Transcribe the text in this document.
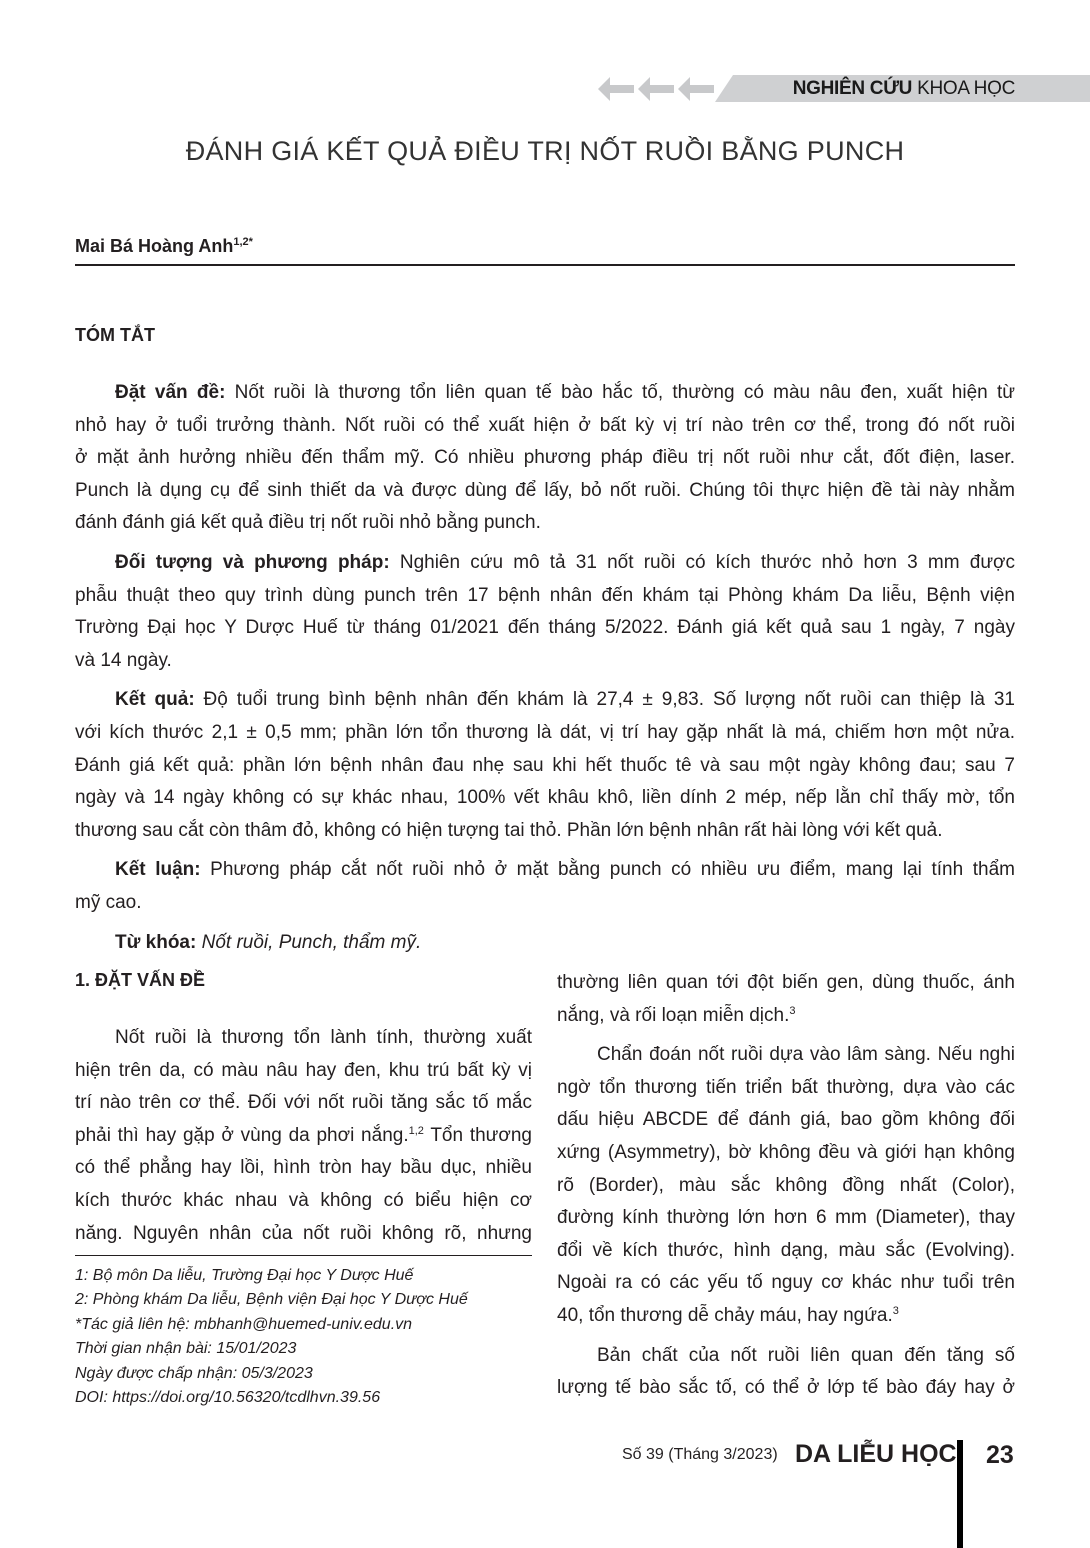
NGHIÊN CỨU KHOA HỌC
ĐÁNH GIÁ KẾT QUẢ ĐIỀU TRỊ NỐT RUỒI BẰNG PUNCH
Mai Bá Hoàng Anh$^{1,2*}$
TÓM TẮT
Đặt vấn đề: Nốt ruồi là thương tổn liên quan tế bào hắc tố, thường có màu nâu đen, xuất hiện từ
nhỏ hay ở tuổi trưởng thành. Nốt ruồi có thể xuất hiện ở bất kỳ vị trí nào trên cơ thể, trong đó nốt ruồi
ở mặt ảnh hưởng nhiều đến thẩm mỹ. Có nhiều phương pháp điều trị nốt ruồi như cắt, đốt điện, laser.
Punch là dụng cụ để sinh thiết da và được dùng để lấy, bỏ nốt ruồi. Chúng tôi thực hiện đề tài này nhằm
đánh đánh giá kết quả điều trị nốt ruồi nhỏ bằng punch.
Đối tượng và phương pháp: Nghiên cứu mô tả 31 nốt ruồi có kích thước nhỏ hơn 3 mm được
phẫu thuật theo quy trình dùng punch trên 17 bệnh nhân đến khám tại Phòng khám Da liễu, Bệnh viện
Trường Đại học Y Dược Huế từ tháng 01/2021 đến tháng 5/2022. Đánh giá kết quả sau 1 ngày, 7 ngày
và 14 ngày.
Kết quả: Độ tuổi trung bình bệnh nhân đến khám là 27,4 ± 9,83. Số lượng nốt ruồi can thiệp là 31
với kích thước 2,1 ± 0,5 mm; phần lớn tổn thương là dát, vị trí hay gặp nhất là má, chiếm hơn một nửa.
Đánh giá kết quả: phần lớn bệnh nhân đau nhẹ sau khi hết thuốc tê và sau một ngày không đau; sau 7
ngày và 14 ngày không có sự khác nhau, 100% vết khâu khô, liền dính 2 mép, nếp lằn chỉ thấy mờ, tổn
thương sau cắt còn thâm đỏ, không có hiện tượng tai thỏ. Phần lớn bệnh nhân rất hài lòng với kết quả.
Kết luận: Phương pháp cắt nốt ruồi nhỏ ở mặt bằng punch có nhiều ưu điểm, mang lại tính thẩm
mỹ cao.
Từ khóa: Nốt ruồi, Punch, thẩm mỹ.
1. ĐẶT VẤN ĐỀ
Nốt ruồi là thương tổn lành tính, thường xuất
hiện trên da, có màu nâu hay đen, khu trú bất kỳ vị
trí nào trên cơ thể. Đối với nốt ruồi tăng sắc tố mắc
phải thì hay gặp ở vùng da phơi nắng.$^{1,2}$ Tổn thương
có thể phẳng hay lồi, hình tròn hay bầu dục, nhiều
kích thước khác nhau và không có biểu hiện cơ
năng. Nguyên nhân của nốt ruồi không rõ, nhưng
1: Bộ môn Da liễu, Trường Đại học Y Dược Huế
2: Phòng khám Da liễu, Bệnh viện Đại học Y Dược Huế
*Tác giả liên hệ: mbhanh@huemed-univ.edu.vn
Thời gian nhận bài: 15/01/2023
Ngày được chấp nhận: 05/3/2023
DOI: https://doi.org/10.56320/tcdlhvn.39.56
thường liên quan tới đột biến gen, dùng thuốc, ánh
nắng, và rối loạn miễn dịch.$^3$
Chẩn đoán nốt ruồi dựa vào lâm sàng. Nếu nghi
ngờ tổn thương tiến triển bất thường, dựa vào các
dấu hiệu ABCDE để đánh giá, bao gồm không đối
xứng (Asymmetry), bờ không đều và giới hạn không
rõ (Border), màu sắc không đồng nhất (Color),
đường kính thường lớn hơn 6 mm (Diameter), thay
đổi về kích thước, hình dạng, màu sắc (Evolving).
Ngoài ra có các yếu tố nguy cơ khác như tuổi trên
40, tổn thương dễ chảy máu, hay ngứa.$^3$
Bản chất của nốt ruồi liên quan đến tăng số
lượng tế bào sắc tố, có thể ở lớp tế bào đáy hay ở
Số 39 (Tháng 3/2023) DA LIỄU HỌC 23
